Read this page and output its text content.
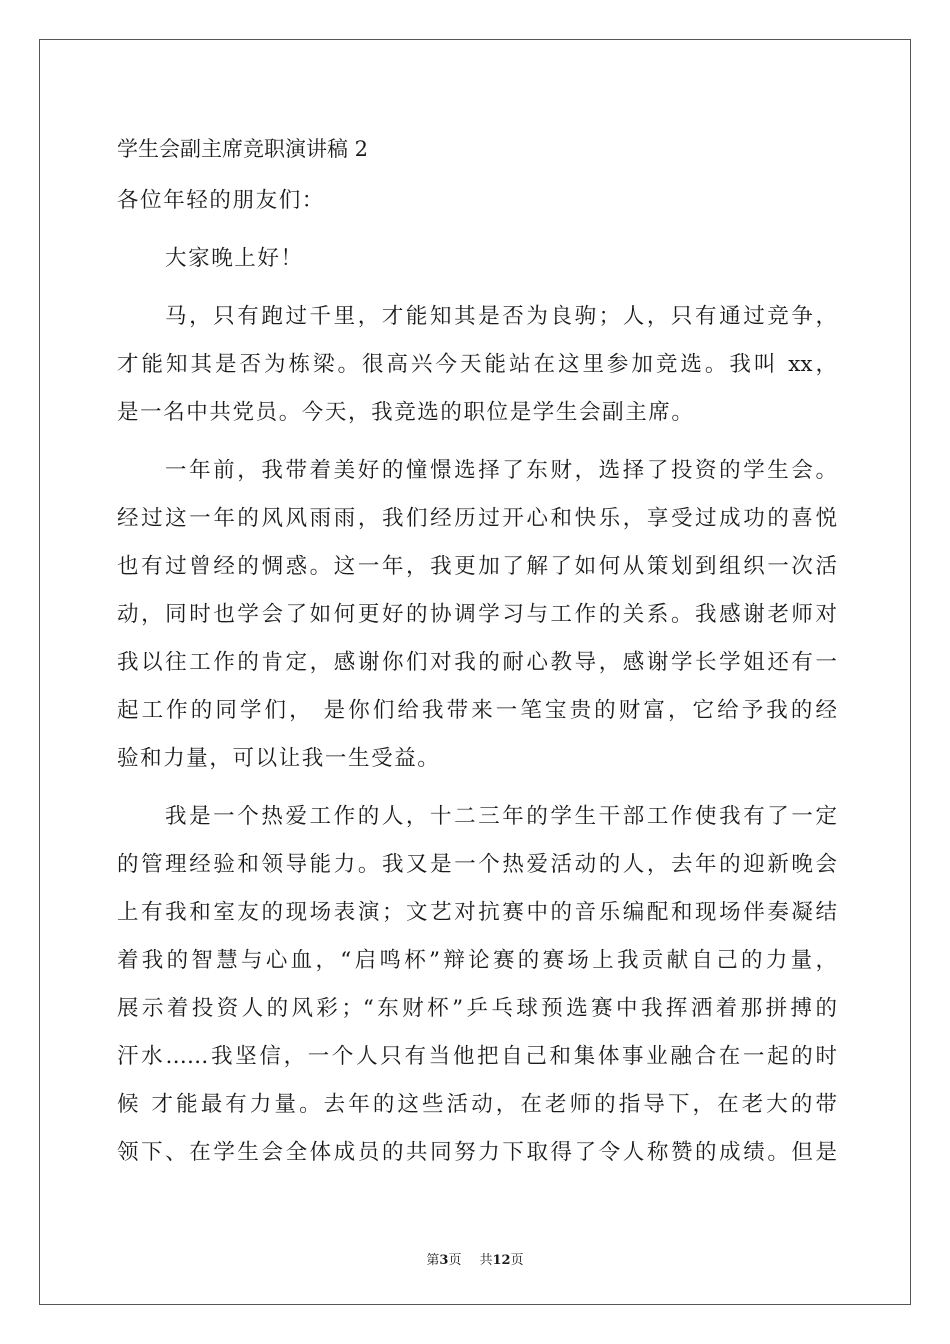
学生会副主席竞职演讲稿 2
各位年轻的朋友们：
大家晚上好！
马，只有跑过千里，才能知其是否为良驹；人，只有通过竞争，
才能知其是否为栋梁。很高兴今天能站在这里参加竞选。我叫 xx，
是一名中共党员。今天，我竞选的职位是学生会副主席。
一年前，我带着美好的憧憬选择了东财，选择了投资的学生会。
经过这一年的风风雨雨，我们经历过开心和快乐，享受过成功的喜悦
也有过曾经的惆惑。这一年，我更加了解了如何从策划到组织一次活
动，同时也学会了如何更好的协调学习与工作的关系。我感谢老师对
我以往工作的肯定，感谢你们对我的耐心教导，感谢学长学姐还有一
起工作的同学们， 是你们给我带来一笔宝贵的财富，它给予我的经
验和力量，可以让我一生受益。
我是一个热爱工作的人，十二三年的学生干部工作使我有了一定
的管理经验和领导能力。我又是一个热爱活动的人，去年的迎新晚会
上有我和室友的现场表演；文艺对抗赛中的音乐编配和现场伴奏凝结
着我的智慧与心血，“启鸣杯”辩论赛的赛场上我贡献自己的力量，
展示着投资人的风彩；“东财杯”乒乓球预选赛中我挥洒着那拼搏的
汗水……我坚信，一个人只有当他把自己和集体事业融合在一起的时
候 才能最有力量。去年的这些活动，在老师的指导下，在老大的带
领下、在学生会全体成员的共同努力下取得了令人称赞的成绩。但是
第3页 共12页
